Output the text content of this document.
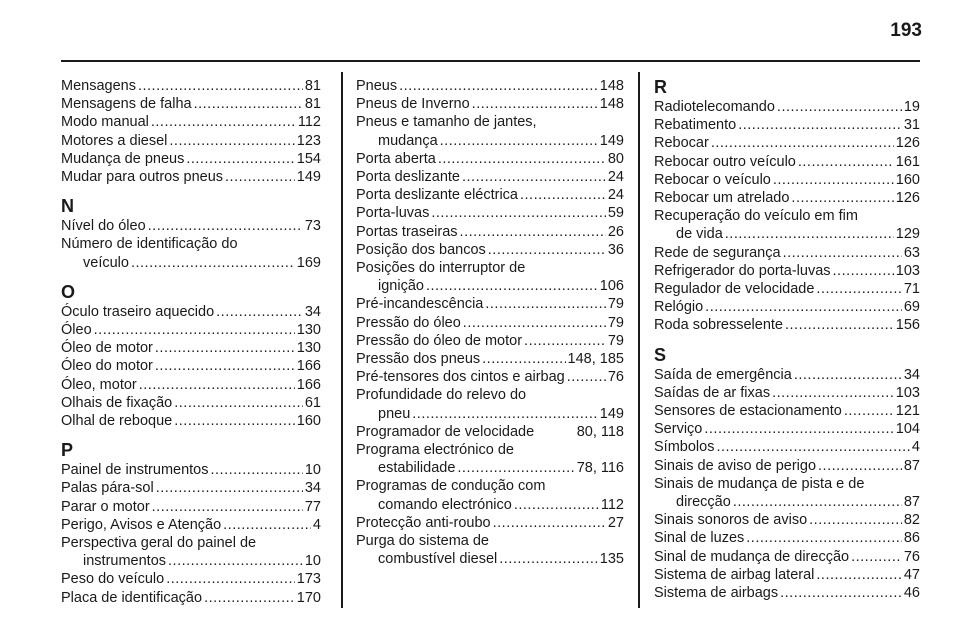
193
Mensagens .....	81
Mensagens de falha .....	81
Modo manual .....	112
Motores a diesel .....	123
Mudança de pneus .....	154
Mudar para outros pneus .....	149
N
Nível do óleo .....	73
Número de identificação do
veículo .....	169
O
Óculo traseiro aquecido .....	34
Óleo .....	130
Óleo de motor .....	130
Óleo do motor .....	166
Óleo, motor .....	166
Olhais de fixação .....	61
Olhal de reboque .....	160
P
Painel de instrumentos .....	10
Palas pára-sol .....	34
Parar o motor .....	77
Perigo, Avisos e Atenção .....	4
Perspectiva geral do painel de
instrumentos .....	10
Peso do veículo .....	173
Placa de identificação .....	170
Pneus .....	148
Pneus de Inverno .....	148
Pneus e tamanho de jantes,
mudança .....	149
Porta aberta .....	80
Porta deslizante .....	24
Porta deslizante eléctrica .....	24
Porta-luvas .....	59
Portas traseiras .....	26
Posição dos bancos .....	36
Posições do interruptor de
ignição .....	106
Pré-incandescência .....	79
Pressão do óleo .....	79
Pressão do óleo de motor .....	79
Pressão dos pneus .....	148, 185
Pré-tensores dos cintos e airbag .....	76
Profundidade do relevo do
pneu .....	149
Programador de velocidade	80, 118
Programa electrónico de
estabilidade .....	78, 116
Programas de condução com
comando electrónico .....	112
Protecção anti-roubo .....	27
Purga do sistema de
combustível diesel .....	135
R
Radiotelecomando .....	19
Rebatimento .....	31
Rebocar .....	126
Rebocar outro veículo .....	161
Rebocar o veículo .....	160
Rebocar um atrelado .....	126
Recuperação do veículo em fim
de vida .....	129
Rede de segurança .....	63
Refrigerador do porta-luvas .....	103
Regulador de velocidade .....	71
Relógio .....	69
Roda sobresselente .....	156
S
Saída de emergência .....	34
Saídas de ar fixas .....	103
Sensores de estacionamento .....	121
Serviço .....	104
Símbolos .....	4
Sinais de aviso de perigo .....	87
Sinais de mudança de pista e de
direcção .....	87
Sinais sonoros de aviso .....	82
Sinal de luzes .....	86
Sinal de mudança de direcção .....	76
Sistema de airbag lateral .....	47
Sistema de airbags .....	46
